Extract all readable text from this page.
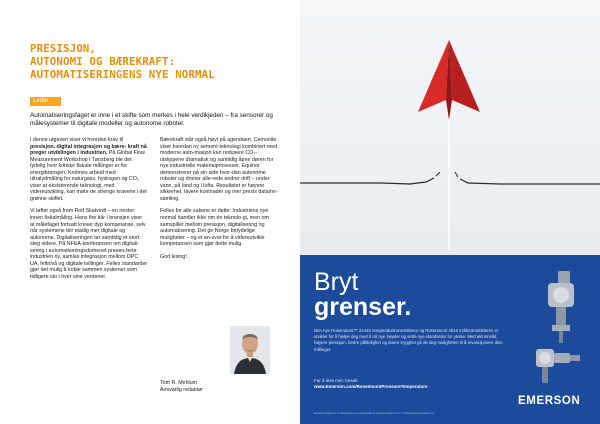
PRESISJON,
AUTONOMI OG BÆREKRAFT:
AUTOMATISERINGENS NYE NORMAL
Leder
Automatiseringsfaget er inne i et skifte som merkes i hele verdikjeden – fra sensorer og målesystemer til digitale modeller og autonome roboter.

I denne utgaven viser vi hvordan krav til presisjon, digital integrasjon og bære- kraft nå preger utviklingen i industrien. På Global Flow Measurement Workshop i Tønsberg ble det tydelig hvor kritiske fiskale målinger er for energibransjen. Krohnes arbeid med ultralydmåling for naturgass, hydrogen og CO₂ viser at eksisterende teknologi, med videreutvikling, kan møte de strenge kravene i det grønne skiftet.

Vi løfter også frem Rolf Skatvedt – en nestor innen fiskalmåling. Hans fire tiår i bransjen viser at målefaget fortsatt krever dyp kompetanse, selv når systemene blir stadig mer digitale og autonome. Digitaliseringen tar samtidig et stort steg videre. På NFEA-konferansen om digitali-sering i automatiseringsdomenet presen-terte industrien ny, samlas integrasjon mellom OPC UA, feltnivå og digitale tvillinger. Felles standarder gjør det mulig å koble sammen systemer som tidligere sto i hver sine verdener.

Bærekraft står også høyt på agendaen. Cemonite viser hvordan ny sement-teknologi kombinert med moderne auto-masjon kan redusere CO₂-utslippene dramatisk og samtidig åpne døren for nye industrielle materialprosesser. Equinor demonstrerer på sin side hvor-dan autonome roboter og droner alle-rede endrer drift – under vann, på land og i lufta. Resultatet er høyere sikkerhet, lavere kostnader og mer presis datainn-samling.

Felles for alle sakene er dette: Industriens nye normal handler ikke om én teknolo-gi, men om samspillet mellom presisjon, digitalisering og automatisering. Det gir Norge betydelige muligheter – og et an-svar for å videreutvikle kompetansen som gjør dette mulig.

God lesing!

Tom R. Mehlum
Ansvarlig redaktør
Bryt
grenser.
Den nye Rosemount™ 3144S temperaturtransmitteren og Rosemount 4615 trykktransmitteren er utviklet for å hjelpe deg med å nå nye høyder og sette nye standarder for ytelse. Med økt innsikt, høyere presisjon, bedre pålitelighet og større trygghet gir de deg muligheten til å revolusjonere dine målinger.
For å lese mer, besøk:
www.Emerson.com/RosemountPressureTemperature
Emerson-logoen er et varemerke og servicemerke for Emerson Electric Co. © 2024 Emerson Electric Co.
EMERSON
